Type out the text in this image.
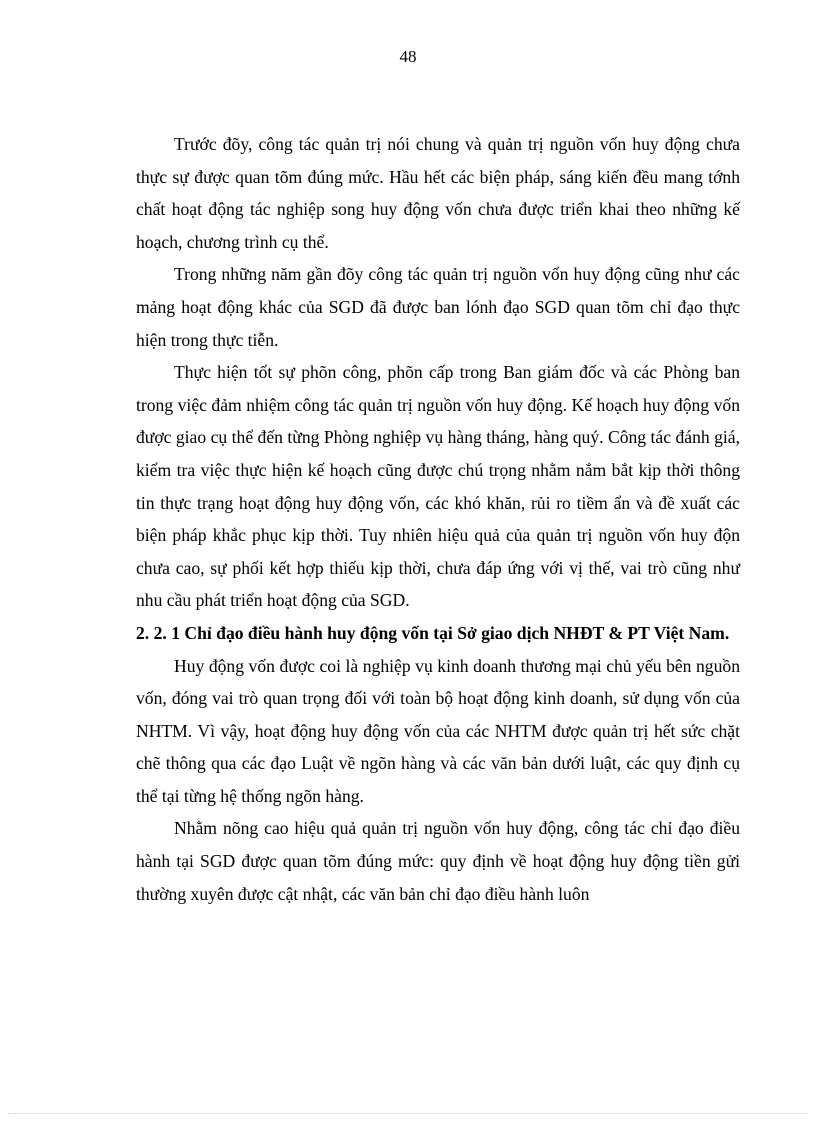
48

Trước đõy, công tác quản trị nói chung và quản trị nguồn vốn huy động chưa thực sự được quan tõm đúng mức. Hầu hết các biện pháp, sáng kiến đều mang tớnh chất hoạt động tác nghiệp song huy động vốn chưa được triển khai theo những kế hoạch, chương trình cụ thể.

Trong những năm gần đõy công tác quản trị nguồn vốn huy động cũng như các mảng hoạt động khác của SGD đã được ban lónh đạo SGD quan tõm chỉ đạo thực hiện trong thực tiễn.

Thực hiện tốt sự phõn công, phõn cấp trong Ban giám đốc và các Phòng ban trong việc đảm nhiệm công tác quản trị nguồn vốn huy động. Kế hoạch huy động vốn được giao cụ thể đến từng Phòng nghiệp vụ hàng tháng, hàng quý. Công tác đánh giá, kiểm tra việc thực hiện kế hoạch cũng được chú trọng nhằm nắm bắt kịp thời thông tin thực trạng hoạt động huy động vốn, các khó khăn, rủi ro tiềm ẩn và đề xuất các biện pháp khắc phục kịp thời. Tuy nhiên hiệu quả của quản trị nguồn vốn huy độn chưa cao, sự phối kết hợp thiếu kịp thời, chưa đáp ứng với vị thế, vai trò cũng như nhu cầu phát triển hoạt động của SGD.

2. 2. 1 Chỉ đạo điều hành huy động vốn tại Sở giao dịch NHĐT & PT Việt Nam.

Huy động vốn được coi là nghiệp vụ kinh doanh thương mại chủ yếu bên nguồn vốn, đóng vai trò quan trọng đối với toàn bộ hoạt động kinh doanh, sử dụng vốn của NHTM. Vì vậy, hoạt động huy động vốn của các NHTM được quản trị hết sức chặt chẽ thông qua các đạo Luật về ngõn hàng và các văn bản dưới luật, các quy định cụ thể tại từng hệ thống ngõn hàng.

Nhằm nõng cao hiệu quả quản trị nguồn vốn huy động, công tác chỉ đạo điều hành tại SGD được quan tõm đúng mức: quy định về hoạt động huy động tiền gửi thường xuyên được cật nhật, các văn bản chỉ đạo điều hành luôn
